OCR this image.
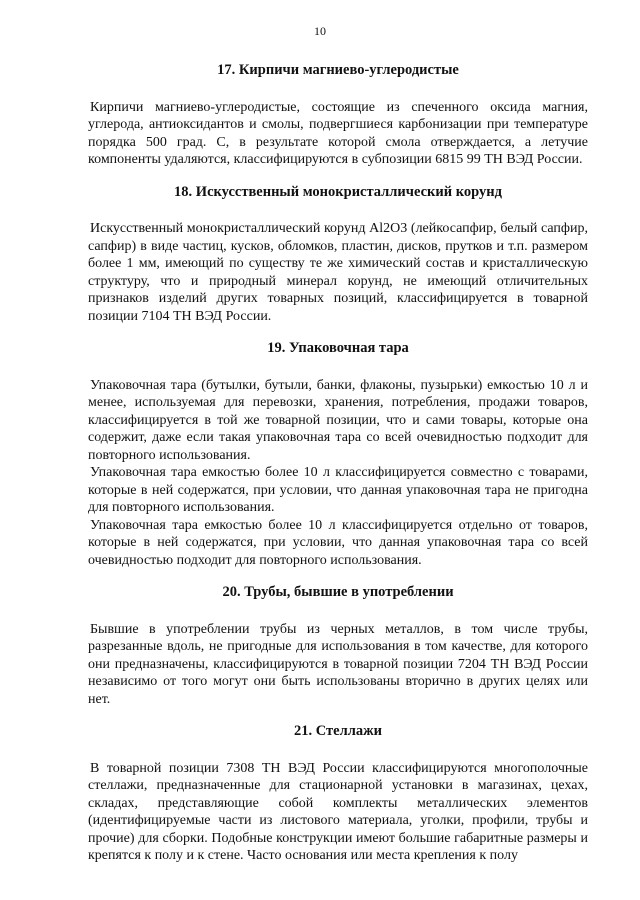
10
17. Кирпичи магниево-углеродистые

Кирпичи магниево-углеродистые, состоящие из спеченного оксида магния, углерода, антиоксидантов и смолы, подвергшиеся карбонизации при температуре порядка 500 град. С, в результате которой смола отверждается, а летучие компоненты удаляются, классифицируются в субпозиции 6815 99 ТН ВЭД России.

18. Искусственный монокристаллический корунд

Искусственный монокристаллический корунд Al2O3 (лейкосапфир, белый сапфир, сапфир) в виде частиц, кусков, обломков, пластин, дисков, прутков и т.п. размером более 1 мм, имеющий по существу те же химический состав и кристаллическую структуру, что и природный минерал корунд, не имеющий отличительных признаков изделий других товарных позиций, классифицируется в товарной позиции 7104 ТН ВЭД России.

19. Упаковочная тара

Упаковочная тара (бутылки, бутыли, банки, флаконы, пузырьки) емкостью 10 л и менее, используемая для перевозки, хранения, потребления, продажи товаров, классифицируется в той же товарной позиции, что и сами товары, которые она содержит, даже если такая упаковочная тара со всей очевидностью подходит для повторного использования.

Упаковочная тара емкостью более 10 л классифицируется совместно с товарами, которые в ней содержатся, при условии, что данная упаковочная тара не пригодна для повторного использования.

Упаковочная тара емкостью более 10 л классифицируется отдельно от товаров, которые в ней содержатся, при условии, что данная упаковочная тара со всей очевидностью подходит для повторного использования.

20. Трубы, бывшие в употреблении

Бывшие в употреблении трубы из черных металлов, в том числе трубы, разрезанные вдоль, не пригодные для использования в том качестве, для которого они предназначены, классифицируются в товарной позиции 7204 ТН ВЭД России независимо от того могут они быть использованы вторично в других целях или нет.

21. Стеллажи

В товарной позиции 7308 ТН ВЭД России классифицируются многополочные стеллажи, предназначенные для стационарной установки в магазинах, цехах, складах, представляющие собой комплекты металлических элементов (идентифицируемые части из листового материала, уголки, профили, трубы и прочие) для сборки. Подобные конструкции имеют большие габаритные размеры и крепятся к полу и к стене. Часто основания или места крепления к полу
